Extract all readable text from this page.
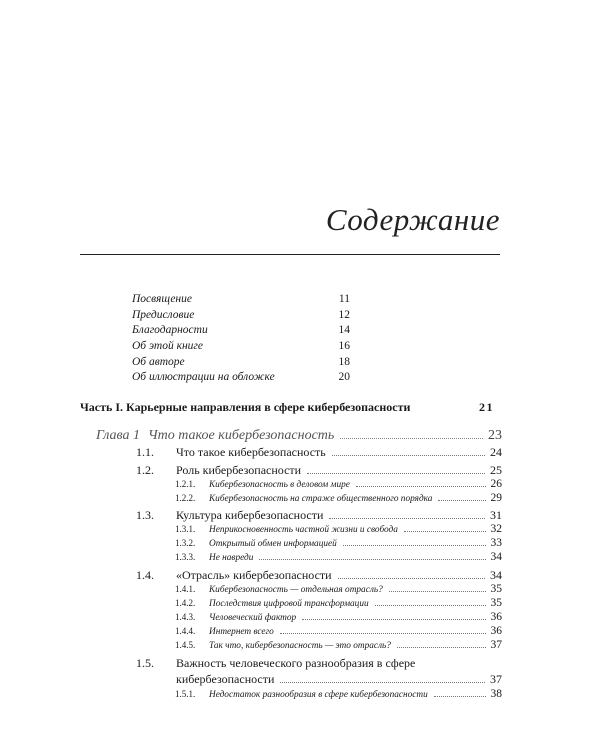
Содержание
Посвящение	11
Предисловие	12
Благодарности	14
Об этой книге	16
Об авторе	18
Об иллюстрации на обложке	20
Часть I. Карьерные направления в сфере кибербезопасности	21
Глава 1 Что такое кибербезопасность	23
1.1.	Что такое кибербезопасность	24
1.2.	Роль кибербезопасности	25
1.2.1.	Кибербезопасность в деловом мире	26
1.2.2.	Кибербезопасность на страже общественного порядка	29
1.3.	Культура кибербезопасности	31
1.3.1.	Неприкосновенность частной жизни и свобода	32
1.3.2.	Открытый обмен информацией	33
1.3.3.	Не навреди	34
1.4.	«Отрасль» кибербезопасности	34
1.4.1.	Кибербезопасность — отдельная отрасль?	35
1.4.2.	Последствия цифровой трансформации	35
1.4.3.	Человеческий фактор	36
1.4.4.	Интернет всего	36
1.4.5.	Так что, кибербезопасность — это отрасль?	37
1.5. Важность человеческого разнообразия в сфере
кибербезопасности	37
1.5.1.	Недостаток разнообразия в сфере кибербезопасности	38
